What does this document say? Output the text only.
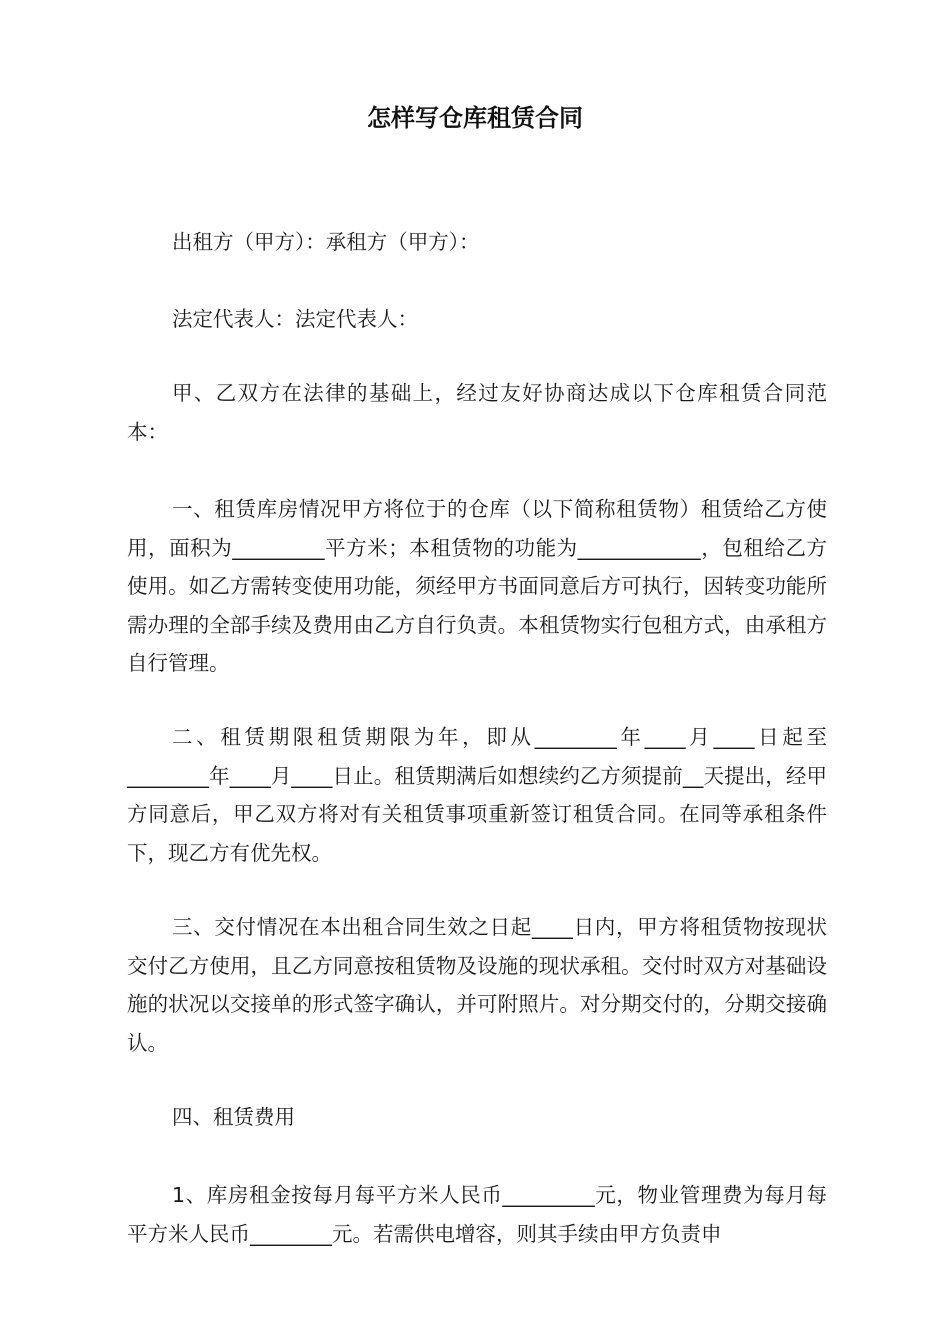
怎样写仓库租赁合同

出租方（甲方）：承租方（甲方）：

法定代表人：法定代表人：

甲、乙双方在法律的基础上，经过友好协商达成以下仓库租赁合同范本：

一、租赁库房情况甲方将位于的仓库（以下简称租赁物）租赁给乙方使用，面积为_________平方米；本租赁物的功能为____________，包租给乙方使用。如乙方需转变使用功能，须经甲方书面同意后方可执行，因转变功能所需办理的全部手续及费用由乙方自行负责。本租赁物实行包租方式，由承租方自行管理。

二、租赁期限租赁期限为年，即从________年____月____日起至________年____月____日止。租赁期满后如想续约乙方须提前__天提出，经甲方同意后，甲乙双方将对有关租赁事项重新签订租赁合同。在同等承租条件下，现乙方有优先权。

三、交付情况在本出租合同生效之日起____日内，甲方将租赁物按现状交付乙方使用，且乙方同意按租赁物及设施的现状承租。交付时双方对基础设施的状况以交接单的形式签字确认，并可附照片。对分期交付的，分期交接确认。

四、租赁费用

1、库房租金按每月每平方米人民币_________元，物业管理费为每月每平方米人民币________元。若需供电增容，则其手续由甲方负责申
